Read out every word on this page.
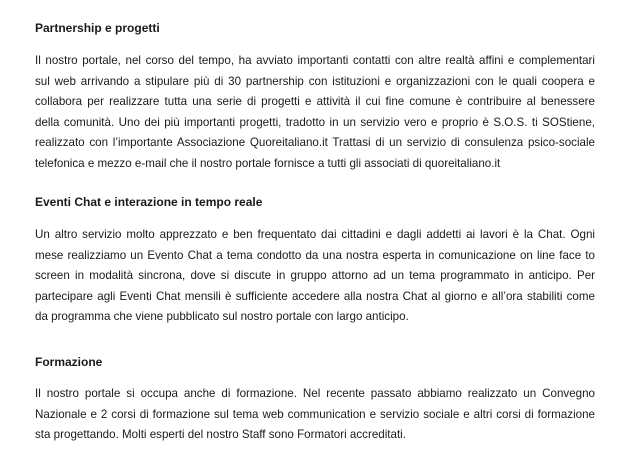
Partnership e progetti

Il nostro portale, nel corso del tempo, ha avviato importanti contatti con altre realtà affini e complementari
sul web arrivando a stipulare più di 30 partnership con istituzioni e organizzazioni con le quali coopera e
collabora per realizzare tutta una serie di progetti e attività il cui fine comune è contribuire al benessere
della comunità. Uno dei più importanti progetti, tradotto in un servizio vero e proprio è S.O.S. ti SOStiene,
realizzato con l’importante Associazione Quoreitaliano.it Trattasi di un servizio di consulenza psico-sociale
telefonica e mezzo e-mail che il nostro portale fornisce a tutti gli associati di quoreitaliano.it

Eventi Chat e interazione in tempo reale

Un altro servizio molto apprezzato e ben frequentato dai cittadini e dagli addetti ai lavori è la Chat. Ogni
mese realizziamo un Evento Chat a tema condotto da una nostra esperta in comunicazione on line face to
screen in modalità sincrona, dove si discute in gruppo attorno ad un tema programmato in anticipo. Per
partecipare agli Eventi Chat mensili è sufficiente accedere alla nostra Chat al giorno e all’ora stabiliti come
da programma che viene pubblicato sul nostro portale con largo anticipo.

Formazione

Il nostro portale si occupa anche di formazione. Nel recente passato abbiamo realizzato un Convegno
Nazionale e 2 corsi di formazione sul tema web communication e servizio sociale e altri corsi di formazione
sta progettando. Molti esperti del nostro Staff sono Formatori accreditati.
